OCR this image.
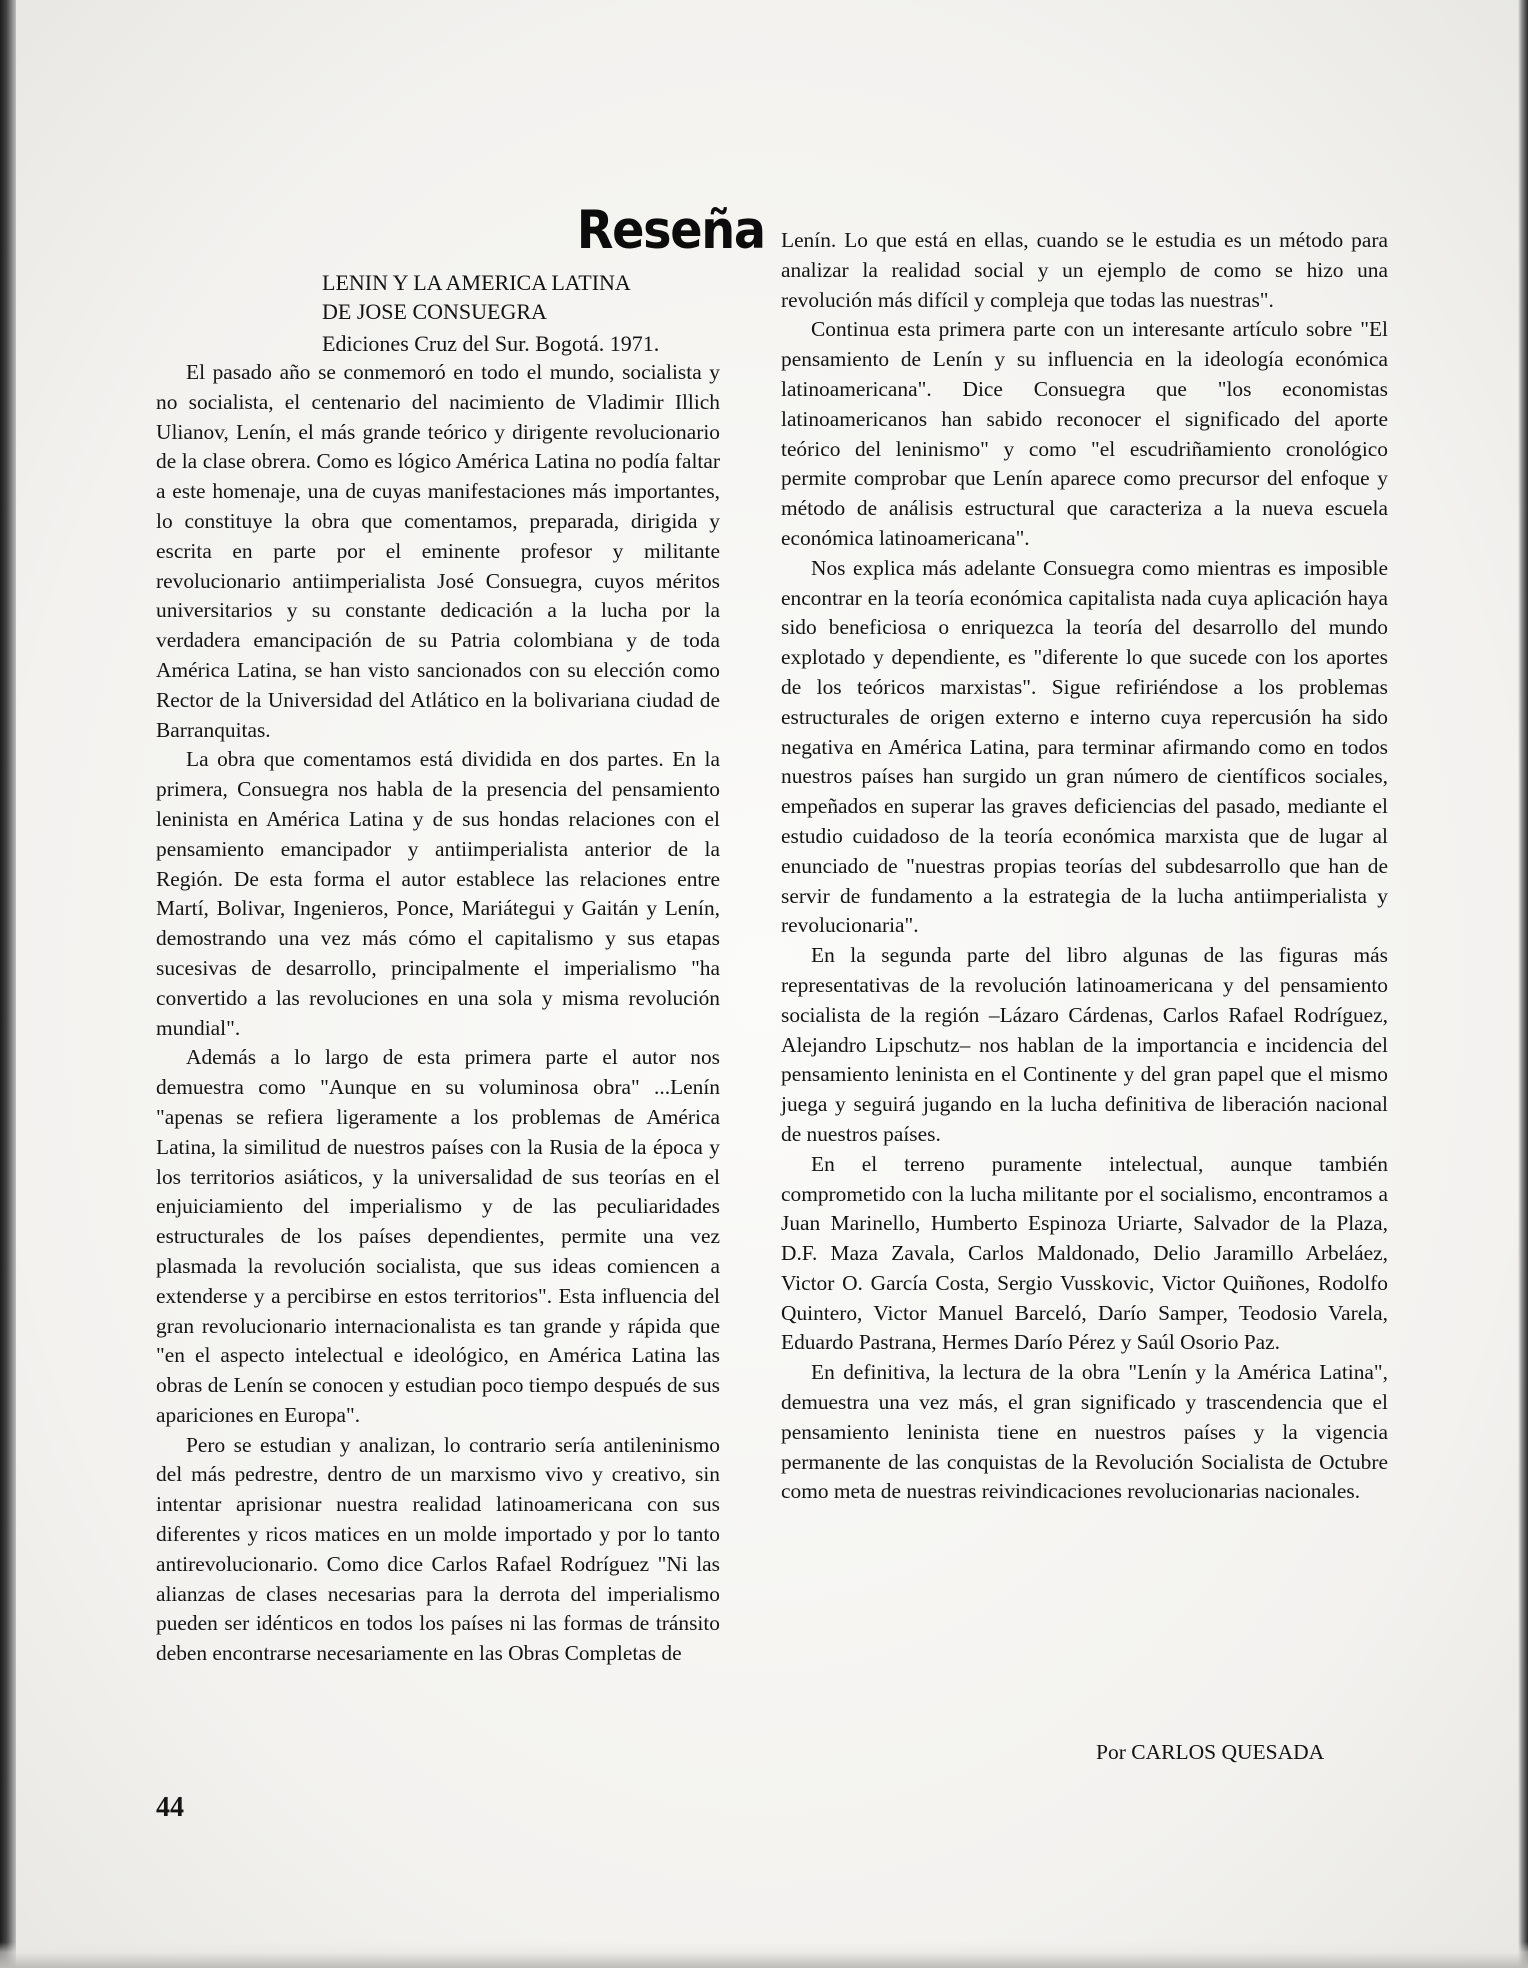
Reseña
LENIN Y LA AMERICA LATINA
DE JOSE CONSUEGRA
Ediciones Cruz del Sur. Bogotá. 1971.

El pasado año se conmemoró en todo el mundo, socialista y no socialista, el centenario del nacimiento de Vladimir Illich Ulianov, Lenín, el más grande teórico y dirigente revolucionario de la clase obrera. Como es lógico América Latina no podía faltar a este homenaje, una de cuyas manifestaciones más importantes, lo constituye la obra que comentamos, preparada, dirigida y escrita en parte por el eminente profesor y militante revolucionario antiimperialista José Consuegra, cuyos méritos universitarios y su constante dedicación a la lucha por la verdadera emancipación de su Patria colombiana y de toda América Latina, se han visto sancionados con su elección como Rector de la Universidad del Atlático en la bolivariana ciudad de Barranquitas.

La obra que comentamos está dividida en dos partes. En la primera, Consuegra nos habla de la presencia del pensamiento leninista en América Latina y de sus hondas relaciones con el pensamiento emancipador y antiimperialista anterior de la Región. De esta forma el autor establece las relaciones entre Martí, Bolivar, Ingenieros, Ponce, Mariátegui y Gaitán y Lenín, demostrando una vez más cómo el capitalismo y sus etapas sucesivas de desarrollo, principalmente el imperialismo "ha convertido a las revoluciones en una sola y misma revolución mundial".

Además a lo largo de esta primera parte el autor nos demuestra como "Aunque en su voluminosa obra" ...Lenín "apenas se refiera ligeramente a los problemas de América Latina, la similitud de nuestros países con la Rusia de la época y los territorios asiáticos, y la universalidad de sus teorías en el enjuiciamiento del imperialismo y de las peculiaridades estructurales de los países dependientes, permite una vez plasmada la revolución socialista, que sus ideas comiencen a extenderse y a percibirse en estos territorios". Esta influencia del gran revolucionario internacionalista es tan grande y rápida que "en el aspecto intelectual e ideológico, en América Latina las obras de Lenín se conocen y estudian poco tiempo después de sus apariciones en Europa".

Pero se estudian y analizan, lo contrario sería antileninismo del más pedrestre, dentro de un marxismo vivo y creativo, sin intentar aprisionar nuestra realidad latinoamericana con sus diferentes y ricos matices en un molde importado y por lo tanto antirevolucionario. Como dice Carlos Rafael Rodríguez "Ni las alianzas de clases necesarias para la derrota del imperialismo pueden ser idénticos en todos los países ni las formas de tránsito deben encontrarse necesariamente en las Obras Completas de

Lenín. Lo que está en ellas, cuando se le estudia es un método para analizar la realidad social y un ejemplo de como se hizo una revolución más difícil y compleja que todas las nuestras".

Continua esta primera parte con un interesante artículo sobre "El pensamiento de Lenín y su influencia en la ideología económica latinoamericana". Dice Consuegra que "los economistas latinoamericanos han sabido reconocer el significado del aporte teórico del leninismo" y como "el escudriñamiento cronológico permite comprobar que Lenín aparece como precursor del enfoque y método de análisis estructural que caracteriza a la nueva escuela económica latinoamericana".

Nos explica más adelante Consuegra como mientras es imposible encontrar en la teoría económica capitalista nada cuya aplicación haya sido beneficiosa o enriquezca la teoría del desarrollo del mundo explotado y dependiente, es "diferente lo que sucede con los aportes de los teóricos marxistas". Sigue refiriéndose a los problemas estructurales de origen externo e interno cuya repercusión ha sido negativa en América Latina, para terminar afirmando como en todos nuestros países han surgido un gran número de científicos sociales, empeñados en superar las graves deficiencias del pasado, mediante el estudio cuidadoso de la teoría económica marxista que de lugar al enunciado de "nuestras propias teorías del subdesarrollo que han de servir de fundamento a la estrategia de la lucha antiimperialista y revolucionaria".

En la segunda parte del libro algunas de las figuras más representativas de la revolución latinoamericana y del pensamiento socialista de la región –Lázaro Cárdenas, Carlos Rafael Rodríguez, Alejandro Lipschutz– nos hablan de la importancia e incidencia del pensamiento leninista en el Continente y del gran papel que el mismo juega y seguirá jugando en la lucha definitiva de liberación nacional de nuestros países.

En el terreno puramente intelectual, aunque también comprometido con la lucha militante por el socialismo, encontramos a Juan Marinello, Humberto Espinoza Uriarte, Salvador de la Plaza, D.F. Maza Zavala, Carlos Maldonado, Delio Jaramillo Arbeláez, Victor O. García Costa, Sergio Vusskovic, Victor Quiñones, Rodolfo Quintero, Victor Manuel Barceló, Darío Samper, Teodosio Varela, Eduardo Pastrana, Hermes Darío Pérez y Saúl Osorio Paz.

En definitiva, la lectura de la obra "Lenín y la América Latina", demuestra una vez más, el gran significado y trascendencia que el pensamiento leninista tiene en nuestros países y la vigencia permanente de las conquistas de la Revolución Socialista de Octubre como meta de nuestras reivindicaciones revolucionarias nacionales.

Por CARLOS QUESADA
44
